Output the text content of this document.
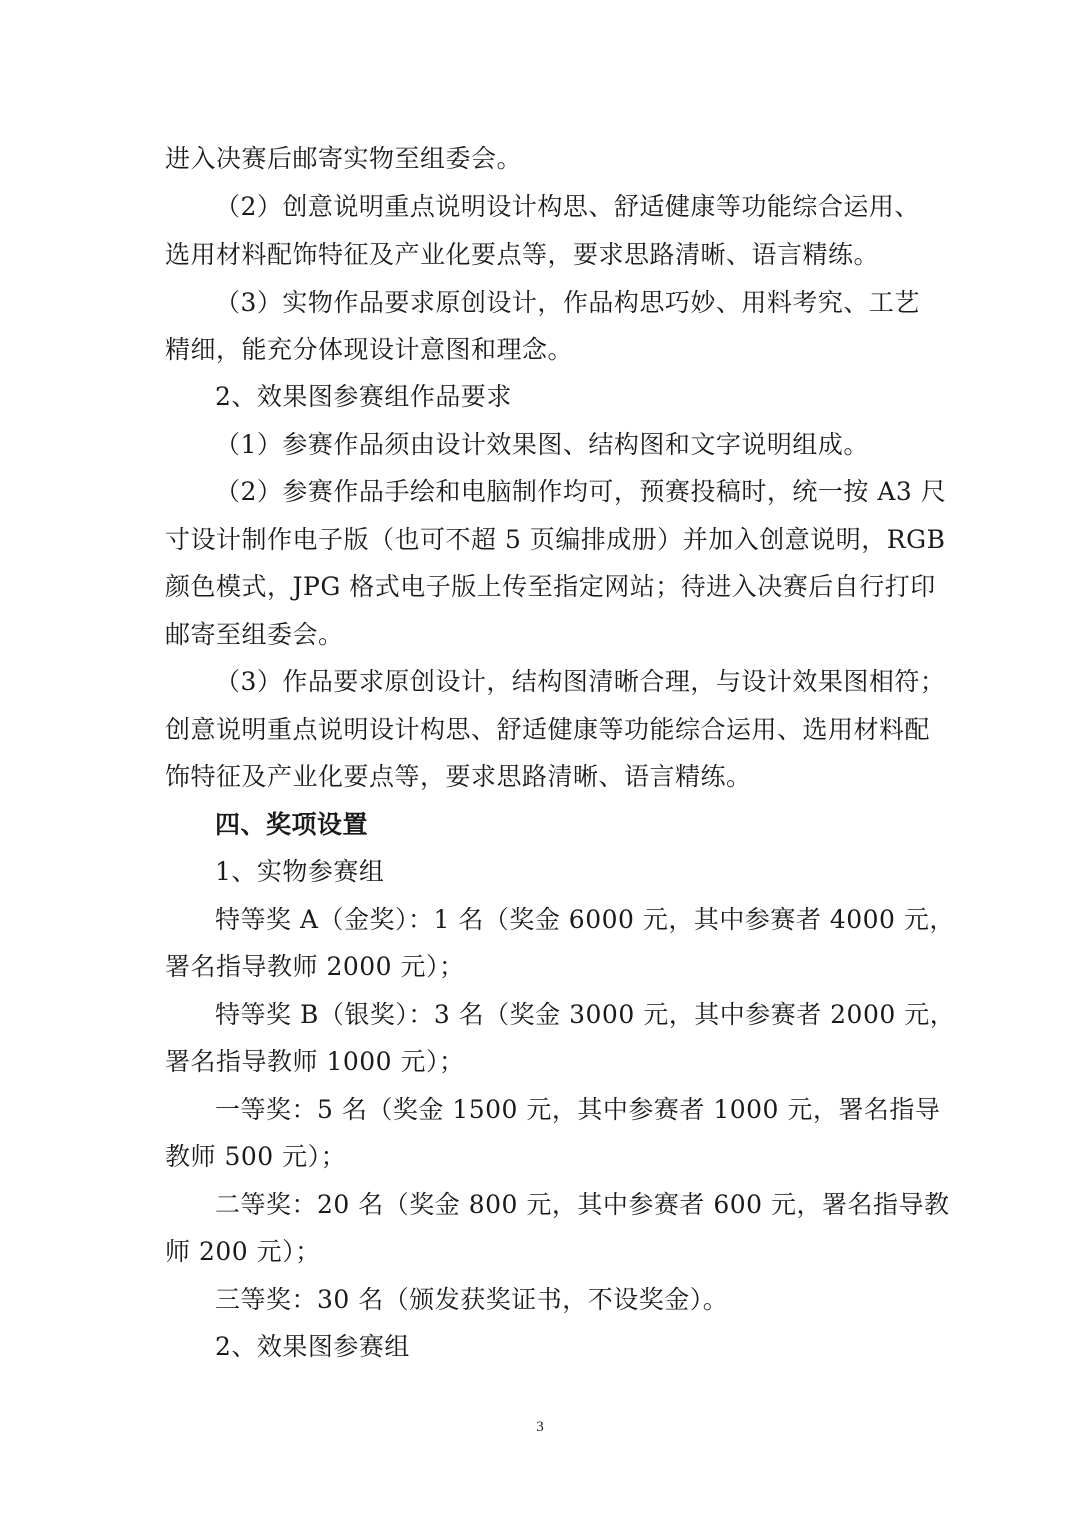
进入决赛后邮寄实物至组委会。
（2）创意说明重点说明设计构思、舒适健康等功能综合运用、
选用材料配饰特征及产业化要点等，要求思路清晰、语言精练。
（3）实物作品要求原创设计，作品构思巧妙、用料考究、工艺
精细，能充分体现设计意图和理念。
2、效果图参赛组作品要求
（1）参赛作品须由设计效果图、结构图和文字说明组成。
（2）参赛作品手绘和电脑制作均可，预赛投稿时，统一按 A3 尺
寸设计制作电子版（也可不超 5 页编排成册）并加入创意说明，RGB
颜色模式，JPG 格式电子版上传至指定网站；待进入决赛后自行打印
邮寄至组委会。
（3）作品要求原创设计，结构图清晰合理，与设计效果图相符；
创意说明重点说明设计构思、舒适健康等功能综合运用、选用材料配
饰特征及产业化要点等，要求思路清晰、语言精练。
四、奖项设置
1、实物参赛组
特等奖 A（金奖）：1 名（奖金 6000 元，其中参赛者 4000 元，
署名指导教师 2000 元）；
特等奖 B（银奖）：3 名（奖金 3000 元，其中参赛者 2000 元，
署名指导教师 1000 元）；
一等奖：5 名（奖金 1500 元，其中参赛者 1000 元，署名指导
教师 500 元）；
二等奖：20 名（奖金 800 元，其中参赛者 600 元，署名指导教
师 200 元）；
三等奖：30 名（颁发获奖证书，不设奖金）。
2、效果图参赛组
3
